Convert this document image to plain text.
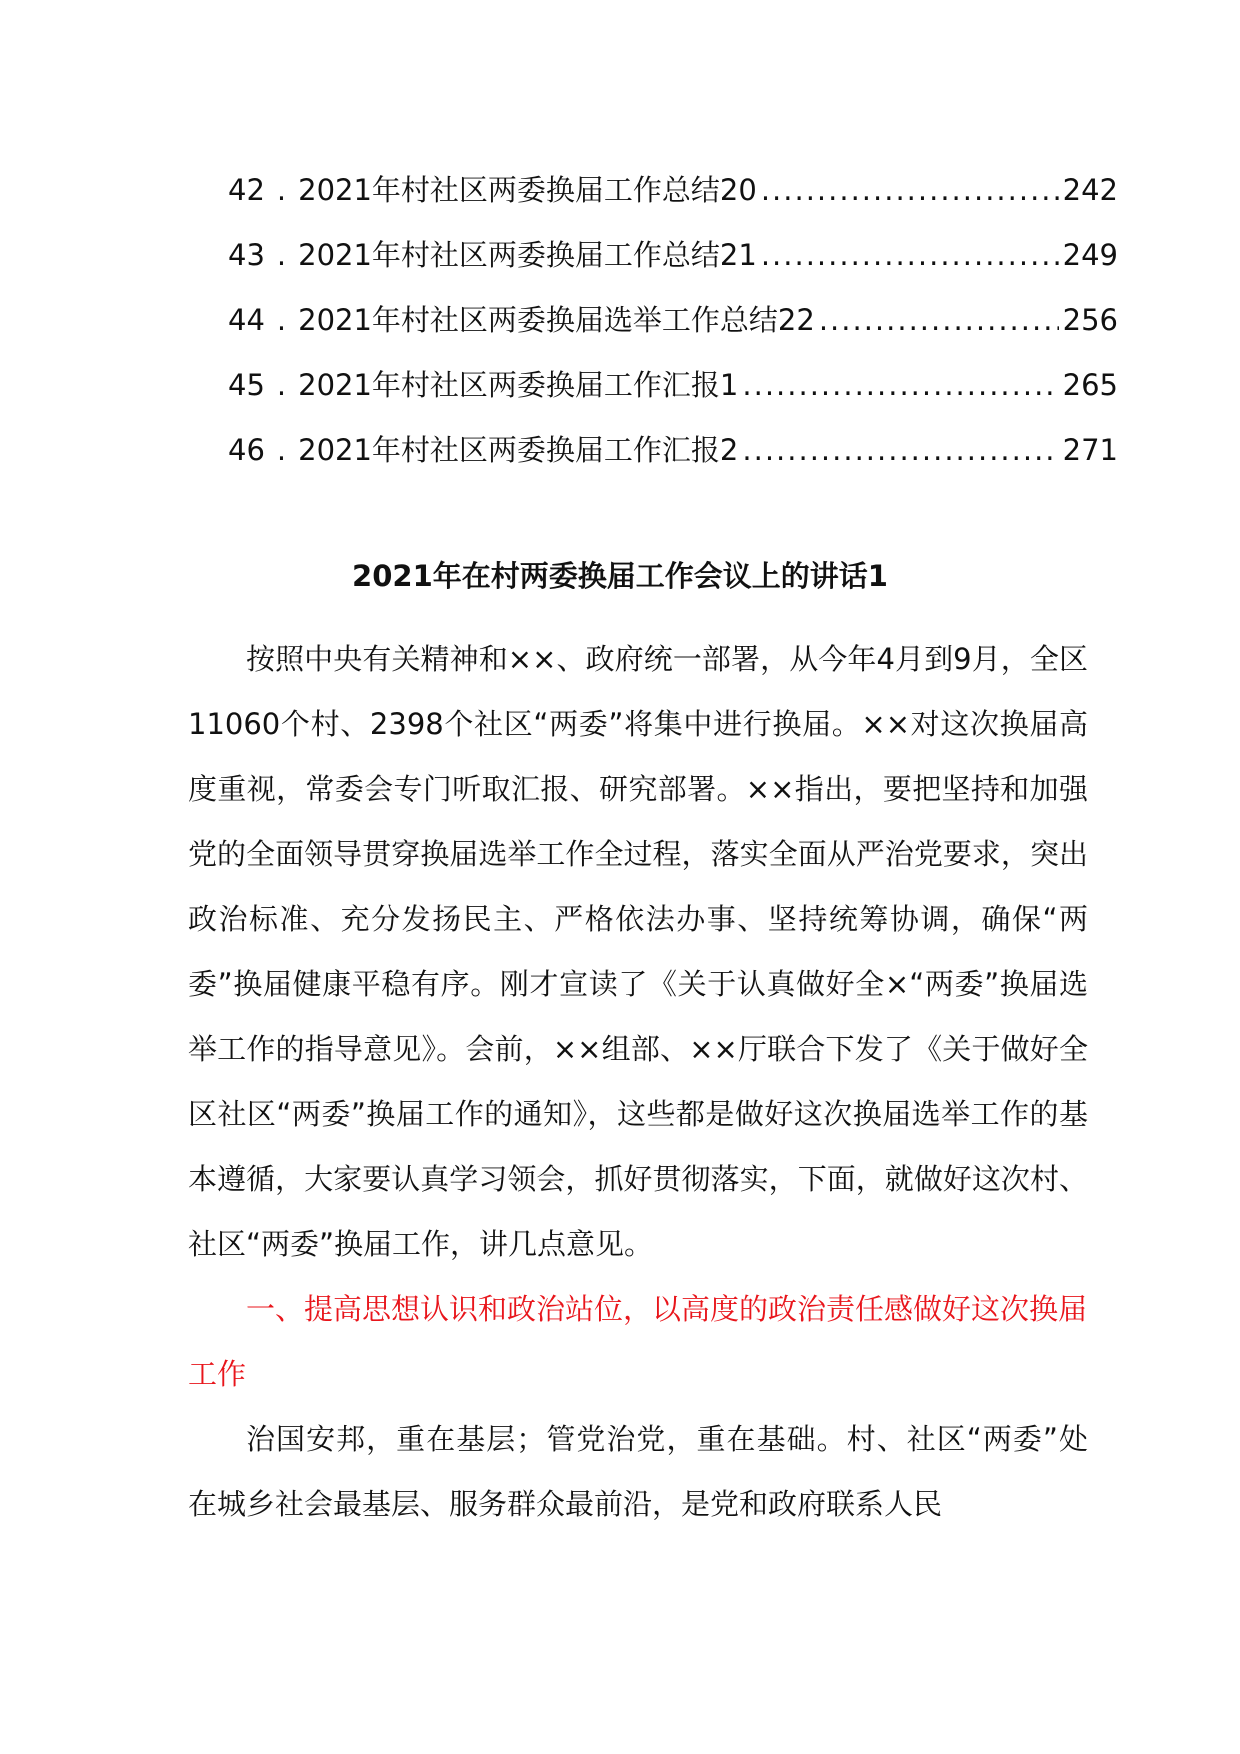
42 . 2021年村社区两委换届工作总结20 .....	242
43 . 2021年村社区两委换届工作总结21 .....	249
44 . 2021年村社区两委换届选举工作总结22 .....	256
45 . 2021年村社区两委换届工作汇报1 .....	265
46 . 2021年村社区两委换届工作汇报2 .....	271
2021年在村两委换届工作会议上的讲话1

按照中央有关精神和××、政府统一部署，从今年4月到9月，全区11060个村、2398个社区“两委”将集中进行换届。××对这次换届高度重视，常委会专门听取汇报、研究部署。××指出，要把坚持和加强党的全面领导贯穿换届选举工作全过程，落实全面从严治党要求，突出政治标准、充分发扬民主、严格依法办事、坚持统筹协调，确保“两委”换届健康平稳有序。刚才宣读了《关于认真做好全×“两委”换届选举工作的指导意见》。会前，××组部、××厅联合下发了《关于做好全区社区“两委”换届工作的通知》，这些都是做好这次换届选举工作的基本遵循，大家要认真学习领会，抓好贯彻落实，下面，就做好这次村、社区“两委”换届工作，讲几点意见。

一、提高思想认识和政治站位，以高度的政治责任感做好这次换届工作

治国安邦，重在基层；管党治党，重在基础。村、社区“两委”处在城乡社会最基层、服务群众最前沿，是党和政府联系人民
